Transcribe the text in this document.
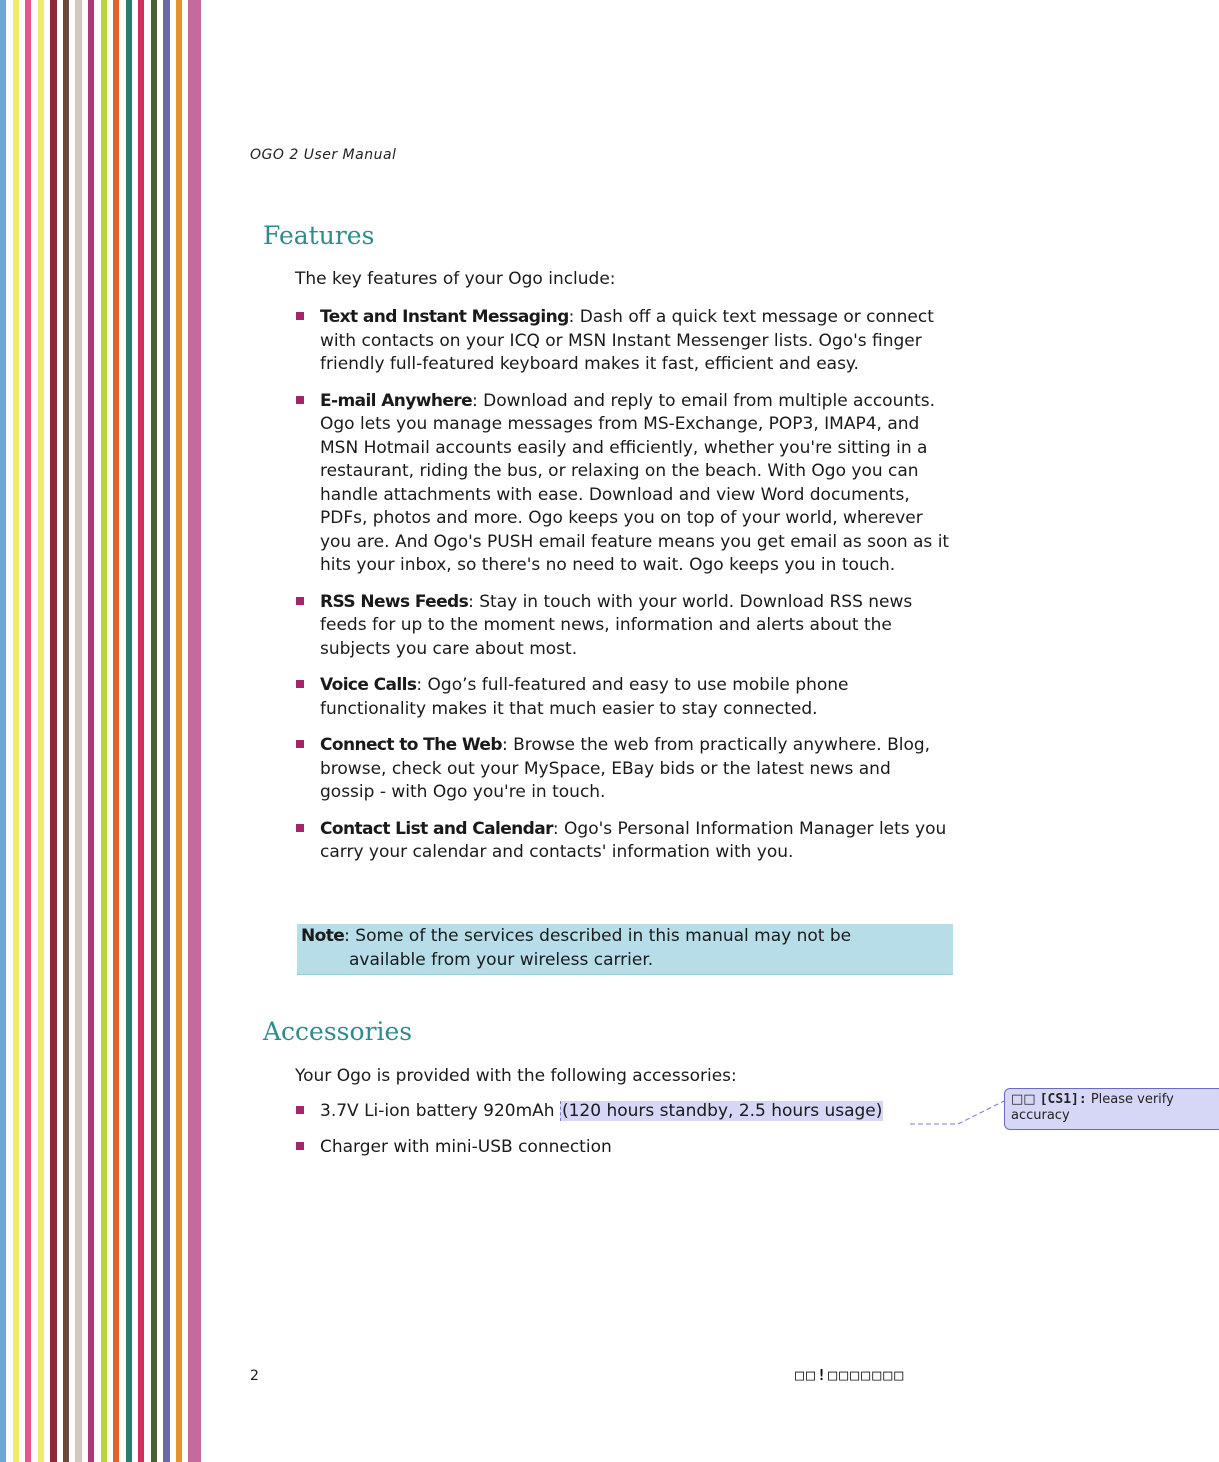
OGO 2 User Manual
Features
The key features of your Ogo include:
Text and Instant Messaging: Dash off a quick text message or connect with contacts on your ICQ or MSN Instant Messenger lists. Ogo's finger friendly full-featured keyboard makes it fast, efficient and easy.
E-mail Anywhere: Download and reply to email from multiple accounts. Ogo lets you manage messages from MS-Exchange, POP3, IMAP4, and MSN Hotmail accounts easily and efficiently, whether you're sitting in a restaurant, riding the bus, or relaxing on the beach. With Ogo you can handle attachments with ease. Download and view Word documents, PDFs, photos and more. Ogo keeps you on top of your world, wherever you are. And Ogo's PUSH email feature means you get email as soon as it hits your inbox, so there's no need to wait. Ogo keeps you in touch.
RSS News Feeds: Stay in touch with your world. Download RSS news feeds for up to the moment news, information and alerts about the subjects you care about most.
Voice Calls: Ogo’s full-featured and easy to use mobile phone functionality makes it that much easier to stay connected.
Connect to The Web: Browse the web from practically anywhere. Blog, browse, check out your MySpace, EBay bids or the latest news and gossip - with Ogo you're in touch.
Contact List and Calendar: Ogo's Personal Information Manager lets you carry your calendar and contacts' information with you.
Note: Some of the services described in this manual may not be
available from your wireless carrier.
Accessories
Your Ogo is provided with the following accessories:
3.7V Li-ion battery 920mAh (120 hours standby, 2.5 hours usage)
Charger with mini-USB connection
□□ [CS1]: Please verify accuracy
2	□□!□□□□□□□
